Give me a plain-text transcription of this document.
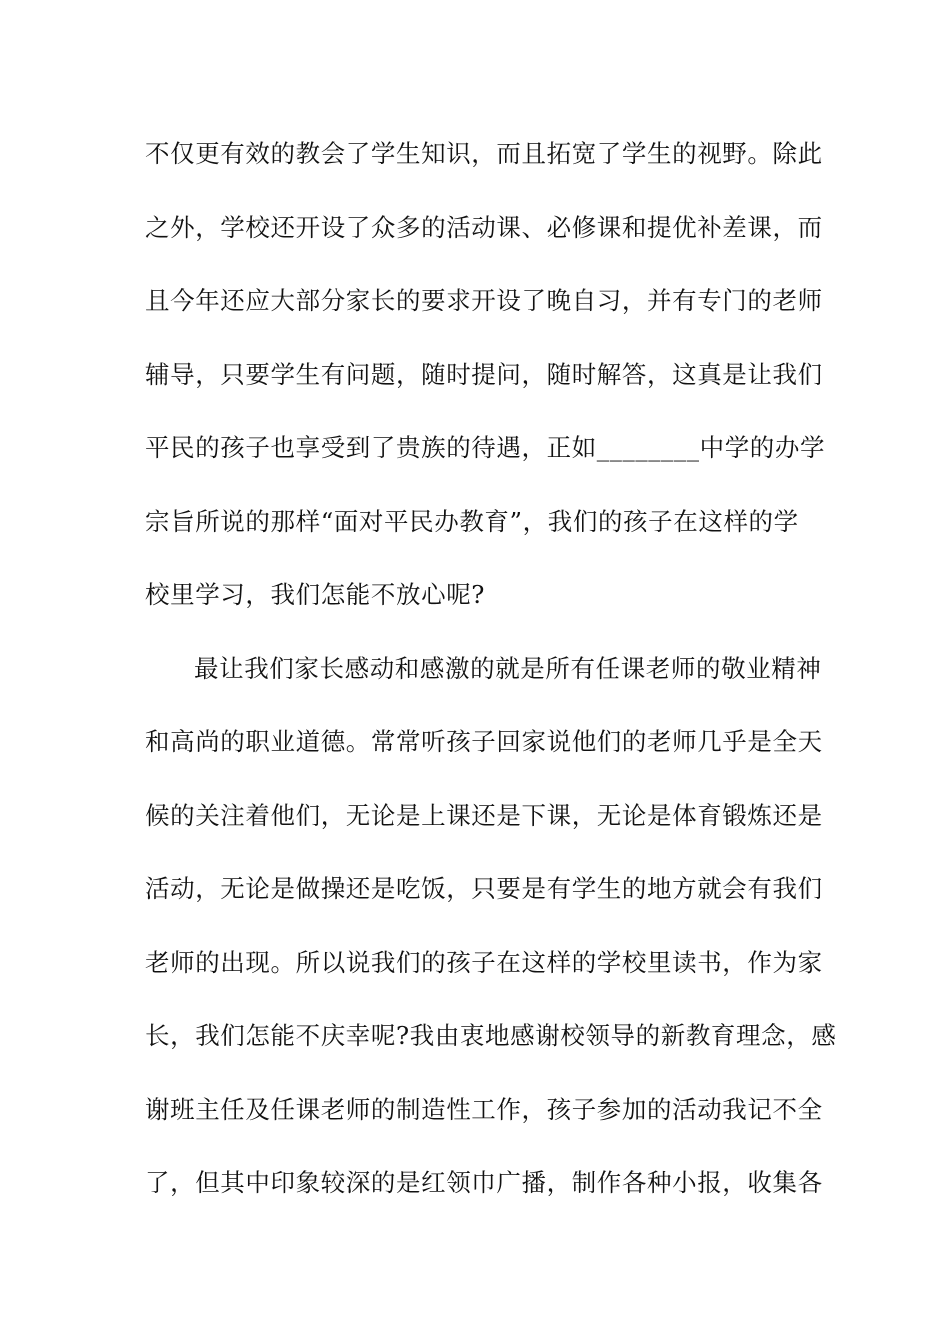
不仅更有效的教会了学生知识，而且拓宽了学生的视野。除此
之外，学校还开设了众多的活动课、必修课和提优补差课，而
且今年还应大部分家长的要求开设了晚自习，并有专门的老师
辅导，只要学生有问题，随时提问，随时解答，这真是让我们
平民的孩子也享受到了贵族的待遇，正如________中学的办学
宗旨所说的那样“面对平民办教育”，我们的孩子在这样的学
校里学习，我们怎能不放心呢?
最让我们家长感动和感激的就是所有任课老师的敬业精神
和高尚的职业道德。常常听孩子回家说他们的老师几乎是全天
候的关注着他们，无论是上课还是下课，无论是体育锻炼还是
活动，无论是做操还是吃饭，只要是有学生的地方就会有我们
老师的出现。所以说我们的孩子在这样的学校里读书，作为家
长，我们怎能不庆幸呢?我由衷地感谢校领导的新教育理念，感
谢班主任及任课老师的制造性工作，孩子参加的活动我记不全
了，但其中印象较深的是红领巾广播，制作各种小报，收集各
